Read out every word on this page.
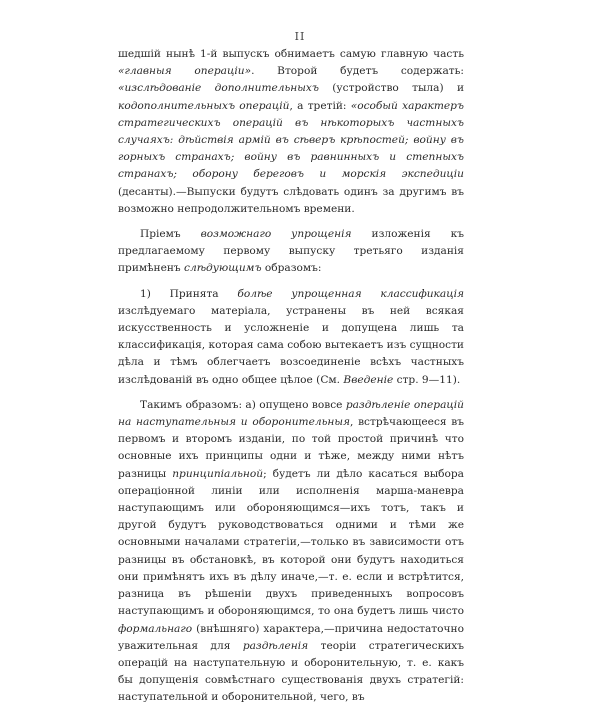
II

шедшій нынѣ 1-й выпускъ обнимаетъ самую главную часть «главныя операціи». Второй будетъ содержать: «изслѣдованіе дополнительныхъ (устройство тыла) и кодополнительныхъ операцій, а третій: «особый характеръ стратегическихъ операцій въ нѣкоторыхъ частныхъ случаяхъ: дѣйствія армій въ сѣверъ крѣпостей; войну въ горныхъ странахъ; войну въ равнинныхъ и степныхъ странахъ; оборону береговъ и морскія экспедиціи (десанты).—Выпуски будутъ слѣдовать одинъ за другимъ въ возможно непродолжительномъ времени.

Пріемъ возможнаго упрощенія изложенія къ предлагаемому первому выпуску третьяго изданія примѣненъ слѣдующимъ образомъ:

1) Принята болѣе упрощенная классификація изслѣдуемаго матеріала, устранены въ ней всякая искусственность и усложненіе и допущена лишь та классификація, которая сама собою вытекаетъ изъ сущности дѣла и тѣмъ облегчаетъ возсоединеніе всѣхъ частныхъ изслѣдованій въ одно общее цѣлое (См. Введеніе стр. 9—11).

Такимъ образомъ: а) опущено вовсе раздѣленіе операцій на наступательныя и оборонительныя, встрѣчающееся въ первомъ и второмъ изданіи, по той простой причинѣ что основные ихъ принципы одни и тѣже, между ними нѣтъ разницы принципіальной; будетъ ли дѣло касаться выбора операціонной линіи или исполненія марша-маневра наступающимъ или обороняющимся—ихъ тотъ, такъ и другой будутъ руководствоваться одними и тѣми же основными началами стратегіи,—только въ зависимости отъ разницы въ обстановкѣ, въ которой они будутъ находиться они примѣнятъ ихъ въ дѣлу иначе,—т. е. если и встрѣтится, разница въ рѣшеніи двухъ приведенныхъ вопросовъ наступающимъ и обороняющимся, то она будетъ лишь чисто формальнаго (внѣшняго) характера,—причина недостаточно уважительная для раздѣленія теоріи стратегическихъ операцій на наступательную и оборонительную, т. е. какъ бы допущенія совмѣстнаго существованія двухъ стратегій: наступательной и оборонительной, чего, въ
